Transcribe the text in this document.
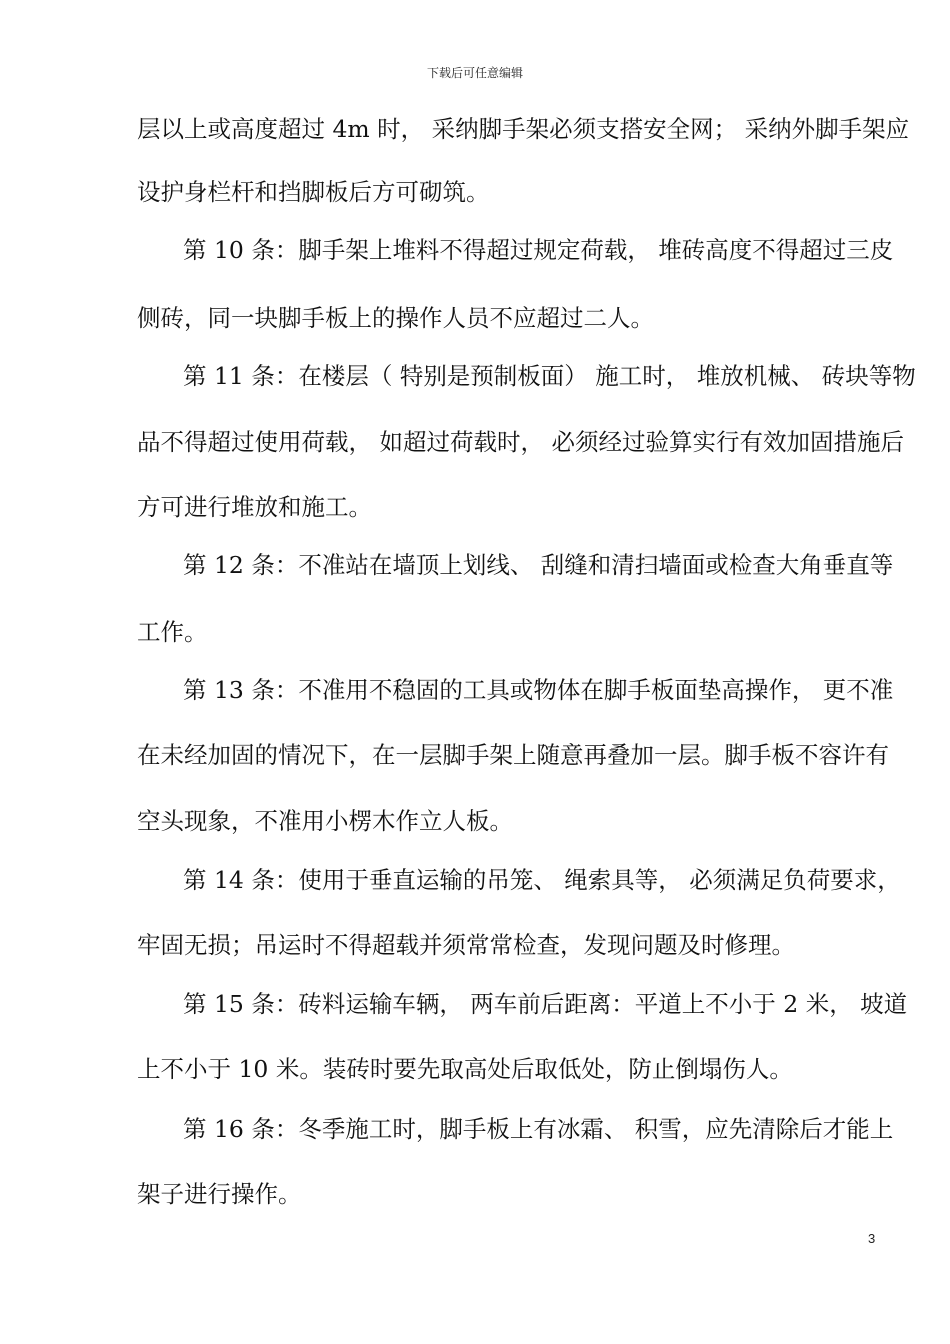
下载后可任意编辑
层以上或高度超过 4m 时， 采纳脚手架必须支搭安全网； 采纳外脚手架应
设护身栏杆和挡脚板后方可砌筑。
第 10 条：脚手架上堆料不得超过规定荷载， 堆砖高度不得超过三皮
侧砖，同一块脚手板上的操作人员不应超过二人。
第 11 条：在楼层（ 特别是预制板面） 施工时， 堆放机械、 砖块等物
品不得超过使用荷载， 如超过荷载时， 必须经过验算实行有效加固措施后
方可进行堆放和施工。
第 12 条：不准站在墙顶上划线、 刮缝和清扫墙面或检查大角垂直等
工作。
第 13 条：不准用不稳固的工具或物体在脚手板面垫高操作， 更不准
在未经加固的情况下，在一层脚手架上随意再叠加一层。脚手板不容许有
空头现象，不准用小楞木作立人板。
第 14 条：使用于垂直运输的吊笼、 绳索具等， 必须满足负荷要求，
牢固无损；吊运时不得超载并须常常检查，发现问题及时修理。
第 15 条：砖料运输车辆， 两车前后距离：平道上不小于 2 米， 坡道
上不小于 10 米。装砖时要先取高处后取低处，防止倒塌伤人。
第 16 条：冬季施工时，脚手板上有冰霜、 积雪，应先清除后才能上
架子进行操作。
3
